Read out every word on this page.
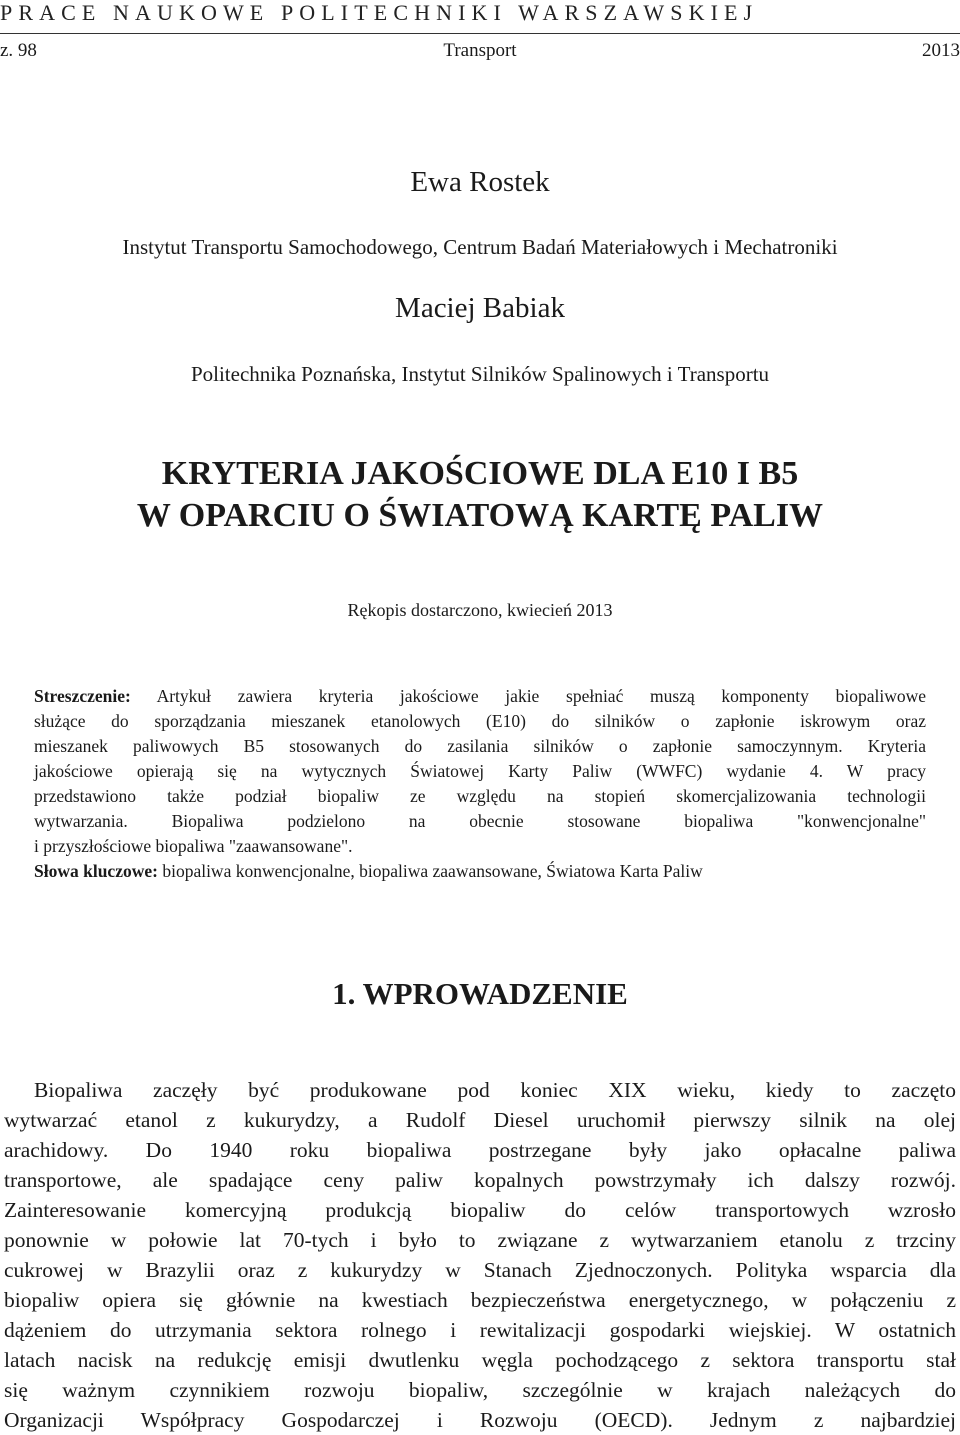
PRACE NAUKOWE POLITECHNIKI WARSZAWSKIEJ
Transport
z. 98	2013
Ewa Rostek
Instytut Transportu Samochodowego, Centrum Badań Materiałowych i Mechatroniki
Maciej Babiak
Politechnika Poznańska, Instytut Silników Spalinowych i Transportu
KRYTERIA JAKOŚCIOWE DLA E10 I B5
W OPARCIU O ŚWIATOWĄ KARTĘ PALIW
Rękopis dostarczono, kwiecień 2013
Streszczenie: Artykuł zawiera kryteria jakościowe jakie spełniać muszą komponenty biopaliwowe
służące do sporządzania mieszanek etanolowych (E10) do silników o zapłonie iskrowym oraz
mieszanek paliwowych B5 stosowanych do zasilania silników o zapłonie samoczynnym. Kryteria
jakościowe opierają się na wytycznych Światowej Karty Paliw (WWFC) wydanie 4. W pracy
przedstawiono także podział biopaliw ze względu na stopień skomercjalizowania technologii
wytwarzania. Biopaliwa podzielono na obecnie stosowane biopaliwa "konwencjonalne"
i przyszłościowe biopaliwa "zaawansowane".
Słowa kluczowe: biopaliwa konwencjonalne, biopaliwa zaawansowane, Światowa Karta Paliw
1. WPROWADZENIE
Biopaliwa zaczęły być produkowane pod koniec XIX wieku, kiedy to zaczęto
wytwarzać etanol z kukurydzy, a Rudolf Diesel uruchomił pierwszy silnik na olej
arachidowy. Do 1940 roku biopaliwa postrzegane były jako opłacalne paliwa
transportowe, ale spadające ceny paliw kopalnych powstrzymały ich dalszy rozwój.
Zainteresowanie komercyjną produkcją biopaliw do celów transportowych wzrosło
ponownie w połowie lat 70-tych i było to związane z wytwarzaniem etanolu z trzciny
cukrowej w Brazylii oraz z kukurydzy w Stanach Zjednoczonych. Polityka wsparcia dla
biopaliw opiera się głównie na kwestiach bezpieczeństwa energetycznego, w połączeniu z
dążeniem do utrzymania sektora rolnego i rewitalizacji gospodarki wiejskiej. W ostatnich
latach nacisk na redukcję emisji dwutlenku węgla pochodzącego z sektora transportu stał
się ważnym czynnikiem rozwoju biopaliw, szczególnie w krajach należących do
Organizacji Współpracy Gospodarczej i Rozwoju (OECD). Jednym z najbardziej
